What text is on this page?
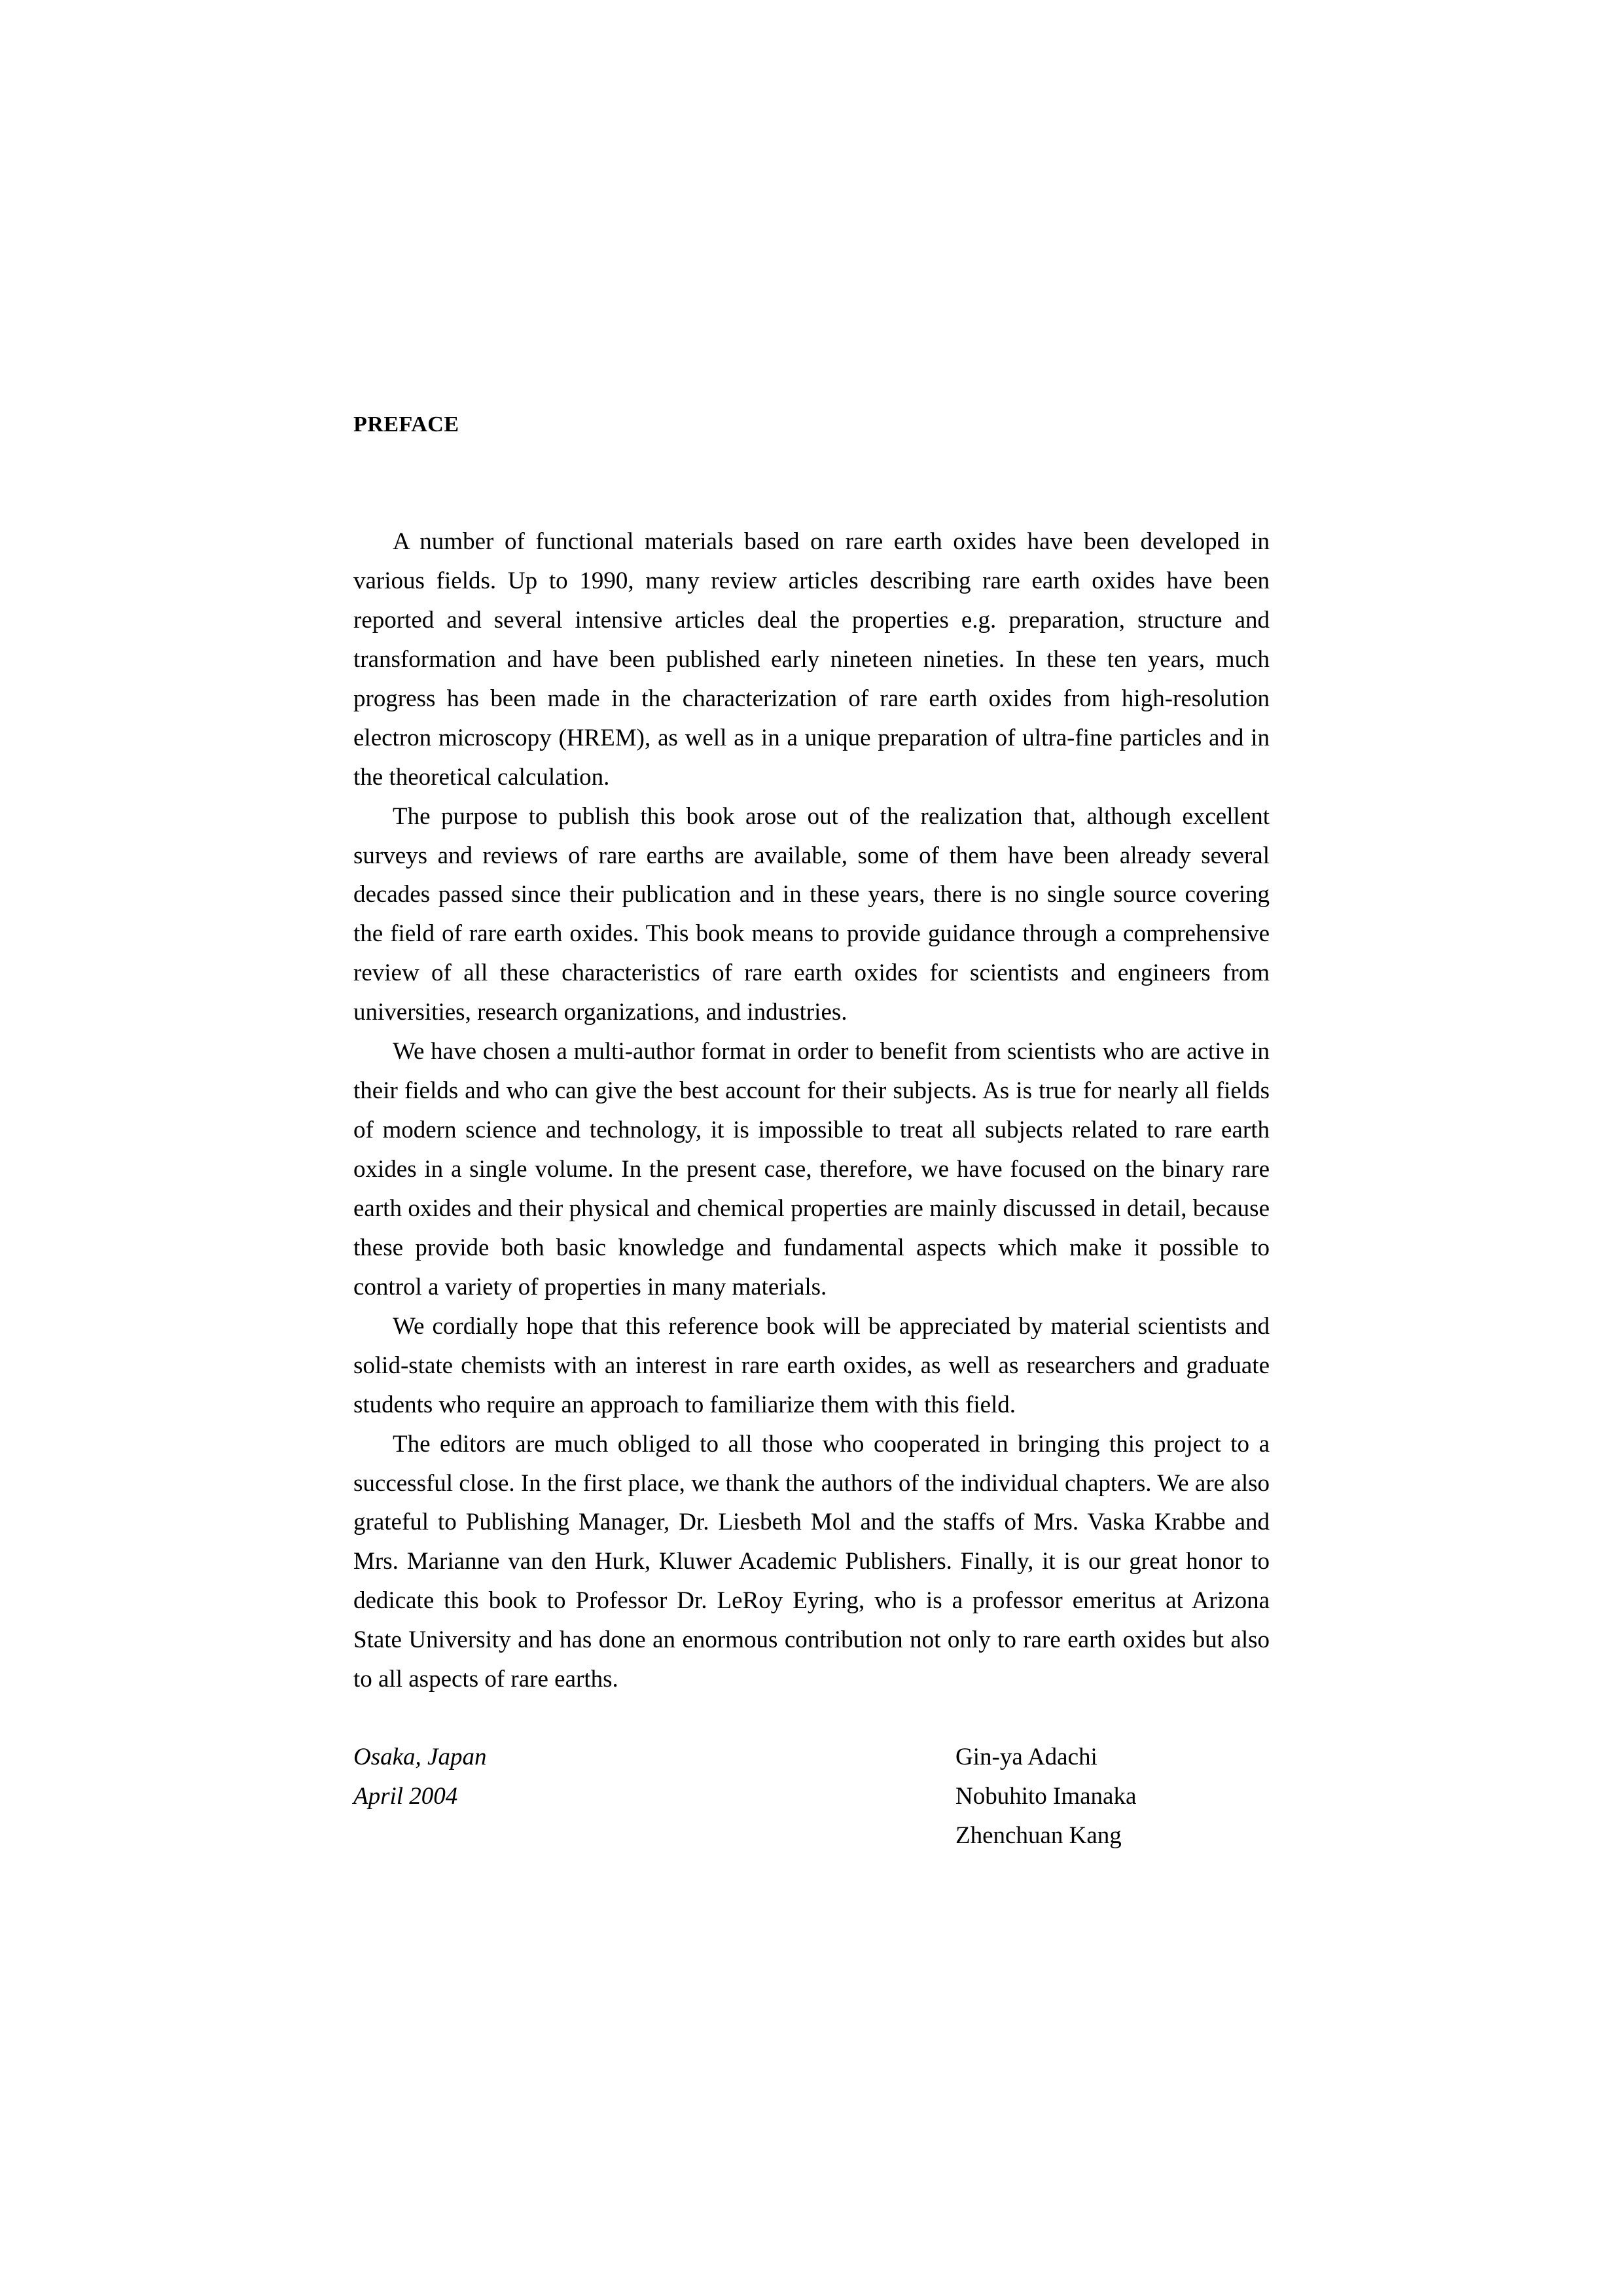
PREFACE

A number of functional materials based on rare earth oxides have been developed in various fields. Up to 1990, many review articles describing rare earth oxides have been reported and several intensive articles deal the properties e.g. preparation, structure and transformation and have been published early nineteen nineties. In these ten years, much progress has been made in the characterization of rare earth oxides from high-resolution electron microscopy (HREM), as well as in a unique preparation of ultra-fine particles and in the theoretical calculation.

The purpose to publish this book arose out of the realization that, although excellent surveys and reviews of rare earths are available, some of them have been already several decades passed since their publication and in these years, there is no single source covering the field of rare earth oxides. This book means to provide guidance through a comprehensive review of all these characteristics of rare earth oxides for scientists and engineers from universities, research organizations, and industries.

We have chosen a multi-author format in order to benefit from scientists who are active in their fields and who can give the best account for their subjects. As is true for nearly all fields of modern science and technology, it is impossible to treat all subjects related to rare earth oxides in a single volume. In the present case, therefore, we have focused on the binary rare earth oxides and their physical and chemical properties are mainly discussed in detail, because these provide both basic knowledge and fundamental aspects which make it possible to control a variety of properties in many materials.

We cordially hope that this reference book will be appreciated by material scientists and solid-state chemists with an interest in rare earth oxides, as well as researchers and graduate students who require an approach to familiarize them with this field.

The editors are much obliged to all those who cooperated in bringing this project to a successful close. In the first place, we thank the authors of the individual chapters. We are also grateful to Publishing Manager, Dr. Liesbeth Mol and the staffs of Mrs. Vaska Krabbe and Mrs. Marianne van den Hurk, Kluwer Academic Publishers. Finally, it is our great honor to dedicate this book to Professor Dr. LeRoy Eyring, who is a professor emeritus at Arizona State University and has done an enormous contribution not only to rare earth oxides but also to all aspects of rare earths.

Osaka, Japan
April 2004
Gin-ya Adachi
Nobuhito Imanaka
Zhenchuan Kang
